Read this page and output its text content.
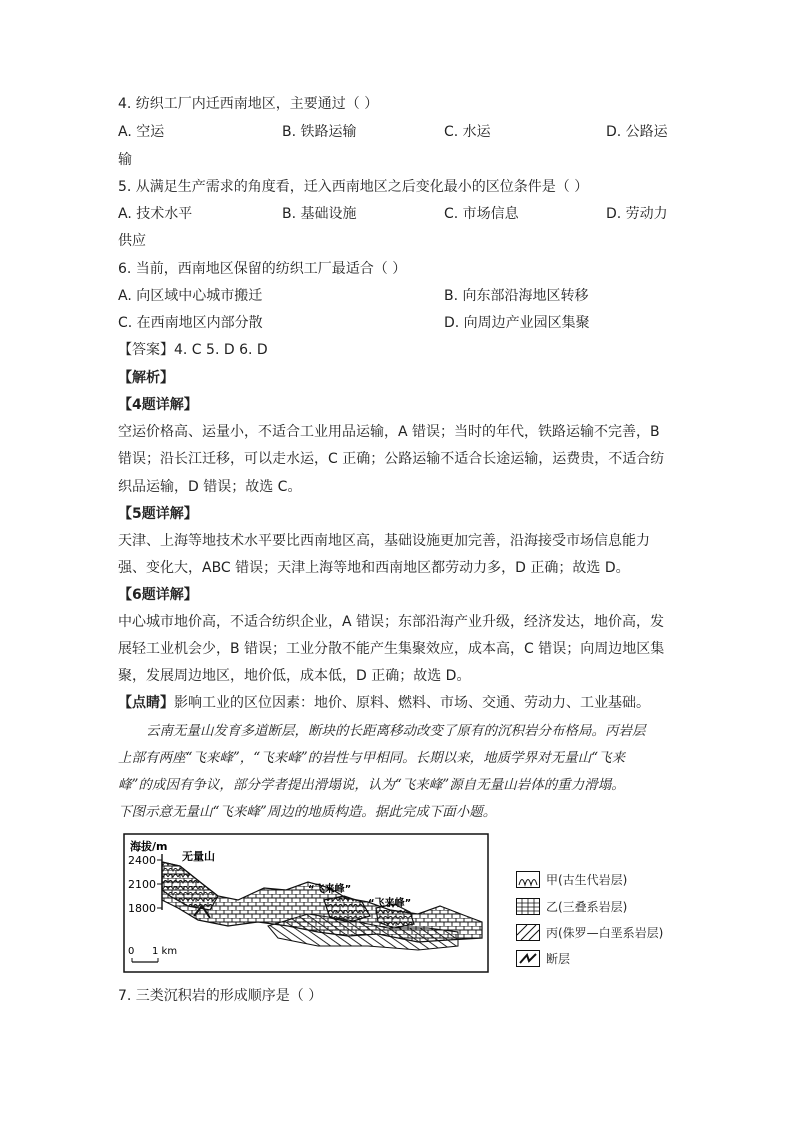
4. 纺织工厂内迁西南地区，主要通过（ ）
A. 空运	B. 铁路运输	C. 水运	D. 公路运
输
5. 从满足生产需求的角度看，迁入西南地区之后变化最小的区位条件是（ ）
A. 技术水平	B. 基础设施	C. 市场信息	D. 劳动力
供应
6. 当前，西南地区保留的纺织工厂最适合（ ）
A. 向区域中心城市搬迁	B. 向东部沿海地区转移
C. 在西南地区内部分散	D. 向周边产业园区集聚
【答案】4. C 5. D 6. D
【解析】
【4题详解】
空运价格高、运量小，不适合工业用品运输，A 错误；当时的年代，铁路运输不完善，B
错误；沿长江迁移，可以走水运，C 正确；公路运输不适合长途运输，运费贵，不适合纺
织品运输，D 错误；故选 C。
【5题详解】
天津、上海等地技术水平要比西南地区高，基础设施更加完善，沿海接受市场信息能力
强、变化大，ABC 错误；天津上海等地和西南地区都劳动力多，D 正确；故选 D。
【6题详解】
中心城市地价高，不适合纺织企业，A 错误；东部沿海产业升级，经济发达，地价高，发
展轻工业机会少，B 错误；工业分散不能产生集聚效应，成本高，C 错误；向周边地区集
聚，发展周边地区，地价低，成本低，D 正确；故选 D。
【点睛】影响工业的区位因素：地价、原料、燃料、市场、交通、劳动力、工业基础。
云南无量山发育多道断层，断块的长距离移动改变了原有的沉积岩分布格局。丙岩层
上部有两座“飞来峰”，“飞来峰”的岩性与甲相同。长期以来，地质学界对无量山“飞来
峰”的成因有争议，部分学者提出滑塌说，认为“飞来峰”源自无量山岩体的重力滑塌。
下图示意无量山“飞来峰”周边的地质构造。据此完成下面小题。
海拔/m
2400
2100
1800
无量山
“飞来峰”
“飞来峰”
0 1 km
甲(古生代岩层)
乙(三叠系岩层)
丙(侏罗—白垩系岩层)
断层
7. 三类沉积岩的形成顺序是（ ）
